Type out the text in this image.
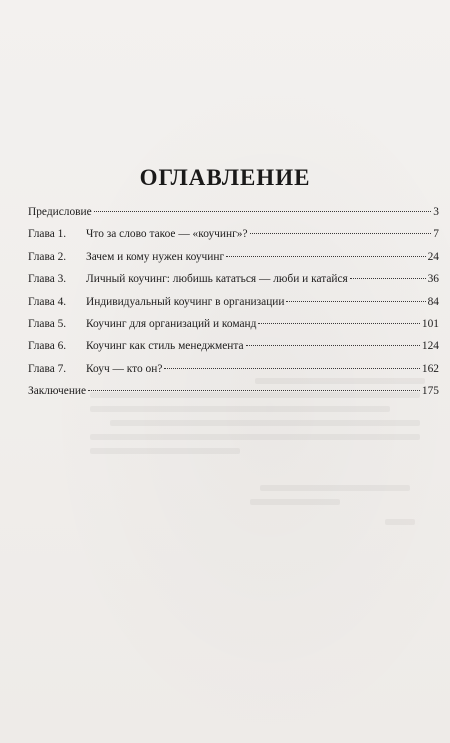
ОГЛАВЛЕНИЕ
Предисловие	3
Глава 1.	Что за слово такое — «коучинг»?	7
Глава 2.	Зачем и кому нужен коучинг	24
Глава 3.	Личный коучинг: любишь кататься — люби и катайся	36
Глава 4.	Индивидуальный коучинг в организации	84
Глава 5.	Коучинг для организаций и команд	101
Глава 6.	Коучинг как стиль менеджмента	124
Глава 7.	Коуч — кто он?	162
Заключение	175
